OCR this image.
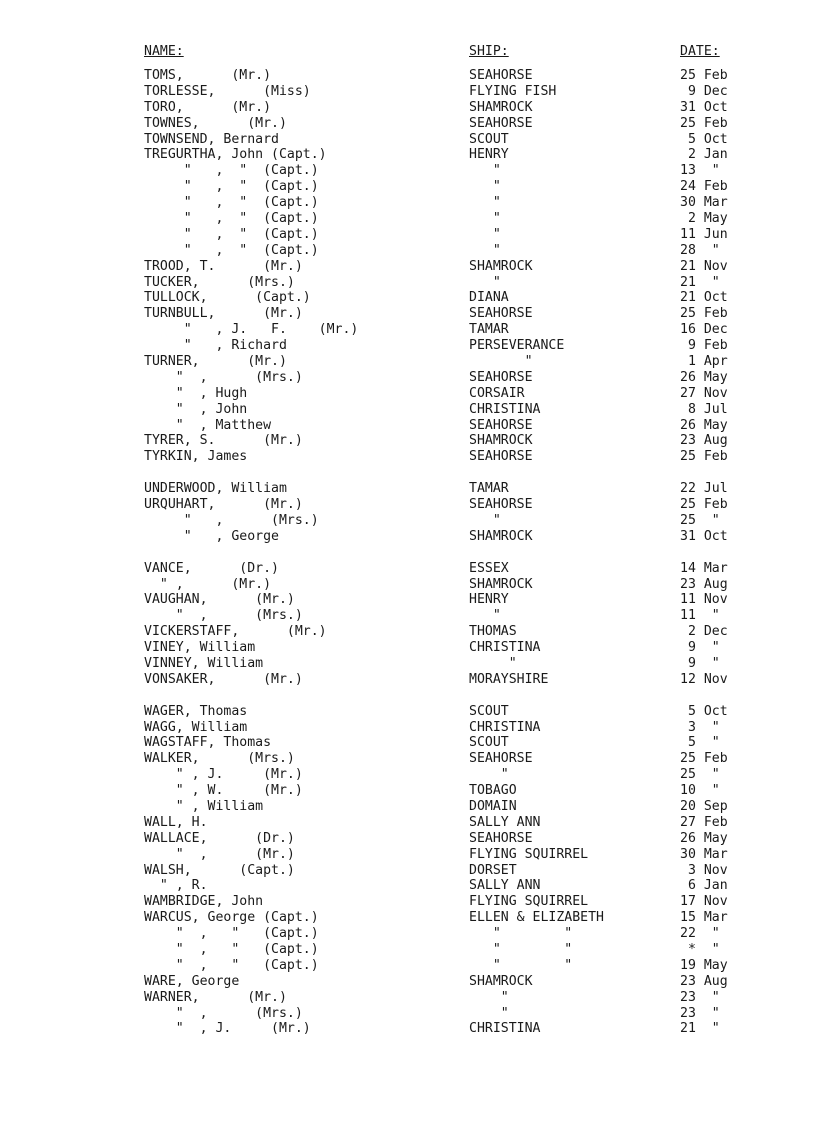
NAME:	SHIP:	DATE:
TOMS,      (Mr.)	SEAHORSE	25 Feb
TORLESSE,      (Miss)	FLYING FISH	9 Dec
TORO,      (Mr.)	SHAMROCK	31 Oct
TOWNES,      (Mr.)	SEAHORSE	25 Feb
TOWNSEND, Bernard	SCOUT	5 Oct
TREGURTHA, John (Capt.)	HENRY	2 Jan
"   ,  "  (Capt.)	"	13  "
"   ,  "  (Capt.)	"	24 Feb
"   ,  "  (Capt.)	"	30 Mar
"   ,  "  (Capt.)	"	2 May
"   ,  "  (Capt.)	"	11 Jun
"   ,  "  (Capt.)	"	28  "
TROOD, T.      (Mr.)	SHAMROCK	21 Nov
TUCKER,      (Mrs.)	"	21  "
TULLOCK,      (Capt.)	DIANA	21 Oct
TURNBULL,      (Mr.)	SEAHORSE	25 Feb
"   , J.   F.    (Mr.)	TAMAR	16 Dec
"   , Richard	PERSEVERANCE	9 Feb
TURNER,      (Mr.)	"	1 Apr
"  ,      (Mrs.)	SEAHORSE	26 May
"  , Hugh	CORSAIR	27 Nov
"  , John	CHRISTINA	8 Jul
"  , Matthew	SEAHORSE	26 May
TYRER, S.      (Mr.)	SHAMROCK	23 Aug
TYRKIN, James	SEAHORSE	25 Feb
UNDERWOOD, William	TAMAR	22 Jul
URQUHART,      (Mr.)	SEAHORSE	25 Feb
"   ,      (Mrs.)	"	25  "
"   , George	SHAMROCK	31 Oct
VANCE,      (Dr.)	ESSEX	14 Mar
" ,      (Mr.)	SHAMROCK	23 Aug
VAUGHAN,      (Mr.)	HENRY	11 Nov
"  ,      (Mrs.)	"	11  "
VICKERSTAFF,      (Mr.)	THOMAS	2 Dec
VINEY, William	CHRISTINA	9  "
VINNEY, William	"	9  "
VONSAKER,      (Mr.)	MORAYSHIRE	12 Nov
WAGER, Thomas	SCOUT	5 Oct
WAGG, William	CHRISTINA	3  "
WAGSTAFF, Thomas	SCOUT	5  "
WALKER,      (Mrs.)	SEAHORSE	25 Feb
" , J.     (Mr.)	"	25  "
" , W.     (Mr.)	TOBAGO	10  "
" , William	DOMAIN	20 Sep
WALL, H.	SALLY ANN	27 Feb
WALLACE,      (Dr.)	SEAHORSE	26 May
"  ,      (Mr.)	FLYING SQUIRREL	30 Mar
WALSH,      (Capt.)	DORSET	3 Nov
" , R.	SALLY ANN	6 Jan
WAMBRIDGE, John	FLYING SQUIRREL	17 Nov
WARCUS, George (Capt.)	ELLEN & ELIZABETH	15 Mar
"  ,   "   (Capt.)	"        "	22  "
"  ,   "   (Capt.)	"        "	*  "
"  ,   "   (Capt.)	"        "	19 May
WARE, George	SHAMROCK	23 Aug
WARNER,      (Mr.)	"	23  "
"  ,      (Mrs.)	"	23  "
"  , J.     (Mr.)	CHRISTINA	21  "
